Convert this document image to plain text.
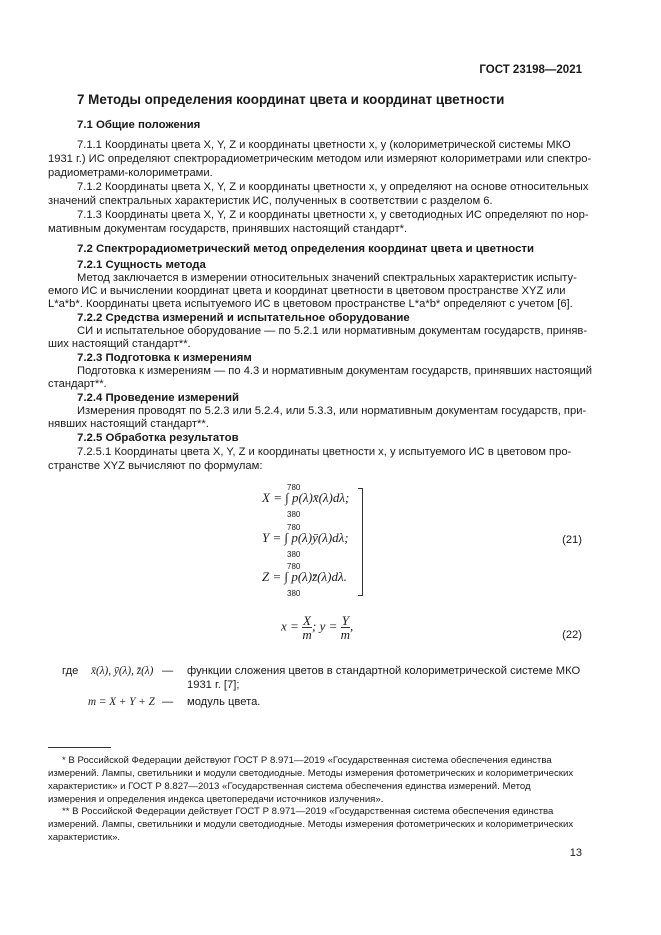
ГОСТ 23198—2021
7 Методы определения координат цвета и координат цветности
7.1 Общие положения
7.1.1 Координаты цвета X, Y, Z и координаты цветности x, y (колориметрической системы МКО
1931 г.) ИС определяют спектрорадиометрическим методом или измеряют колориметрами или спектро-
радиометрами-колориметрами.
7.1.2 Координаты цвета X, Y, Z и координаты цветности x, y определяют на основе относительных
значений спектральных характеристик ИС, полученных в соответствии с разделом 6.
7.1.3 Координаты цвета X, Y, Z и координаты цветности x, y светодиодных ИС определяют по нор-
мативным документам государств, принявших настоящий стандарт*.
7.2 Спектрорадиометрический метод определения координат цвета и цветности
7.2.1 Сущность метода
Метод заключается в измерении относительных значений спектральных характеристик испыту-
емого ИС и вычислении координат цвета и координат цветности в цветовом пространстве XYZ или
L*a*b*. Координаты цвета испытуемого ИС в цветовом пространстве L*a*b* определяют с учетом [6].
7.2.2 Средства измерений и испытательное оборудование
СИ и испытательное оборудование — по 5.2.1 или нормативным документам государств, приняв-
ших настоящий стандарт**.
7.2.3 Подготовка к измерениям
Подготовка к измерениям — по 4.3 и нормативным документам государств, принявших настоящий
стандарт**.
7.2.4 Проведение измерений
Измерения проводят по 5.2.3 или 5.2.4, или 5.3.3, или нормативным документам государств, при-
нявших настоящий стандарт**.
7.2.5 Обработка результатов
7.2.5.1 Координаты цвета X, Y, Z и координаты цветности x, y испытуемого ИС в цветовом про-
странстве XYZ вычисляют по формулам:
780
X = ∫ p(λ)x̄(λ)dλ;
380
780
Y = ∫ p(λ)ȳ(λ)dλ;
380
780
Z = ∫ p(λ)z̄(λ)dλ.
380
(21)
$x = \frac{X}{m}$ ; $y = \frac{Y}{m}$ ,
(22)
где x̄(λ), ȳ(λ), z̄(λ) — функции сложения цветов в стандартной колориметрической системе МКО
1931 г. [7];
m = X + Y + Z — модуль цвета.
* В Российской Федерации действуют ГОСТ Р 8.971—2019 «Государственная система обеспечения единства
измерений. Лампы, светильники и модули светодиодные. Методы измерения фотометрических и колориметрических
характеристик» и ГОСТ Р 8.827—2013 «Государственная система обеспечения единства измерений. Метод
измерения и определения индекса цветопередачи источников излучения».
** В Российской Федерации действует ГОСТ Р 8.971—2019 «Государственная система обеспечения единства
измерений. Лампы, светильники и модули светодиодные. Методы измерения фотометрических и колориметрических
характеристик».
13
